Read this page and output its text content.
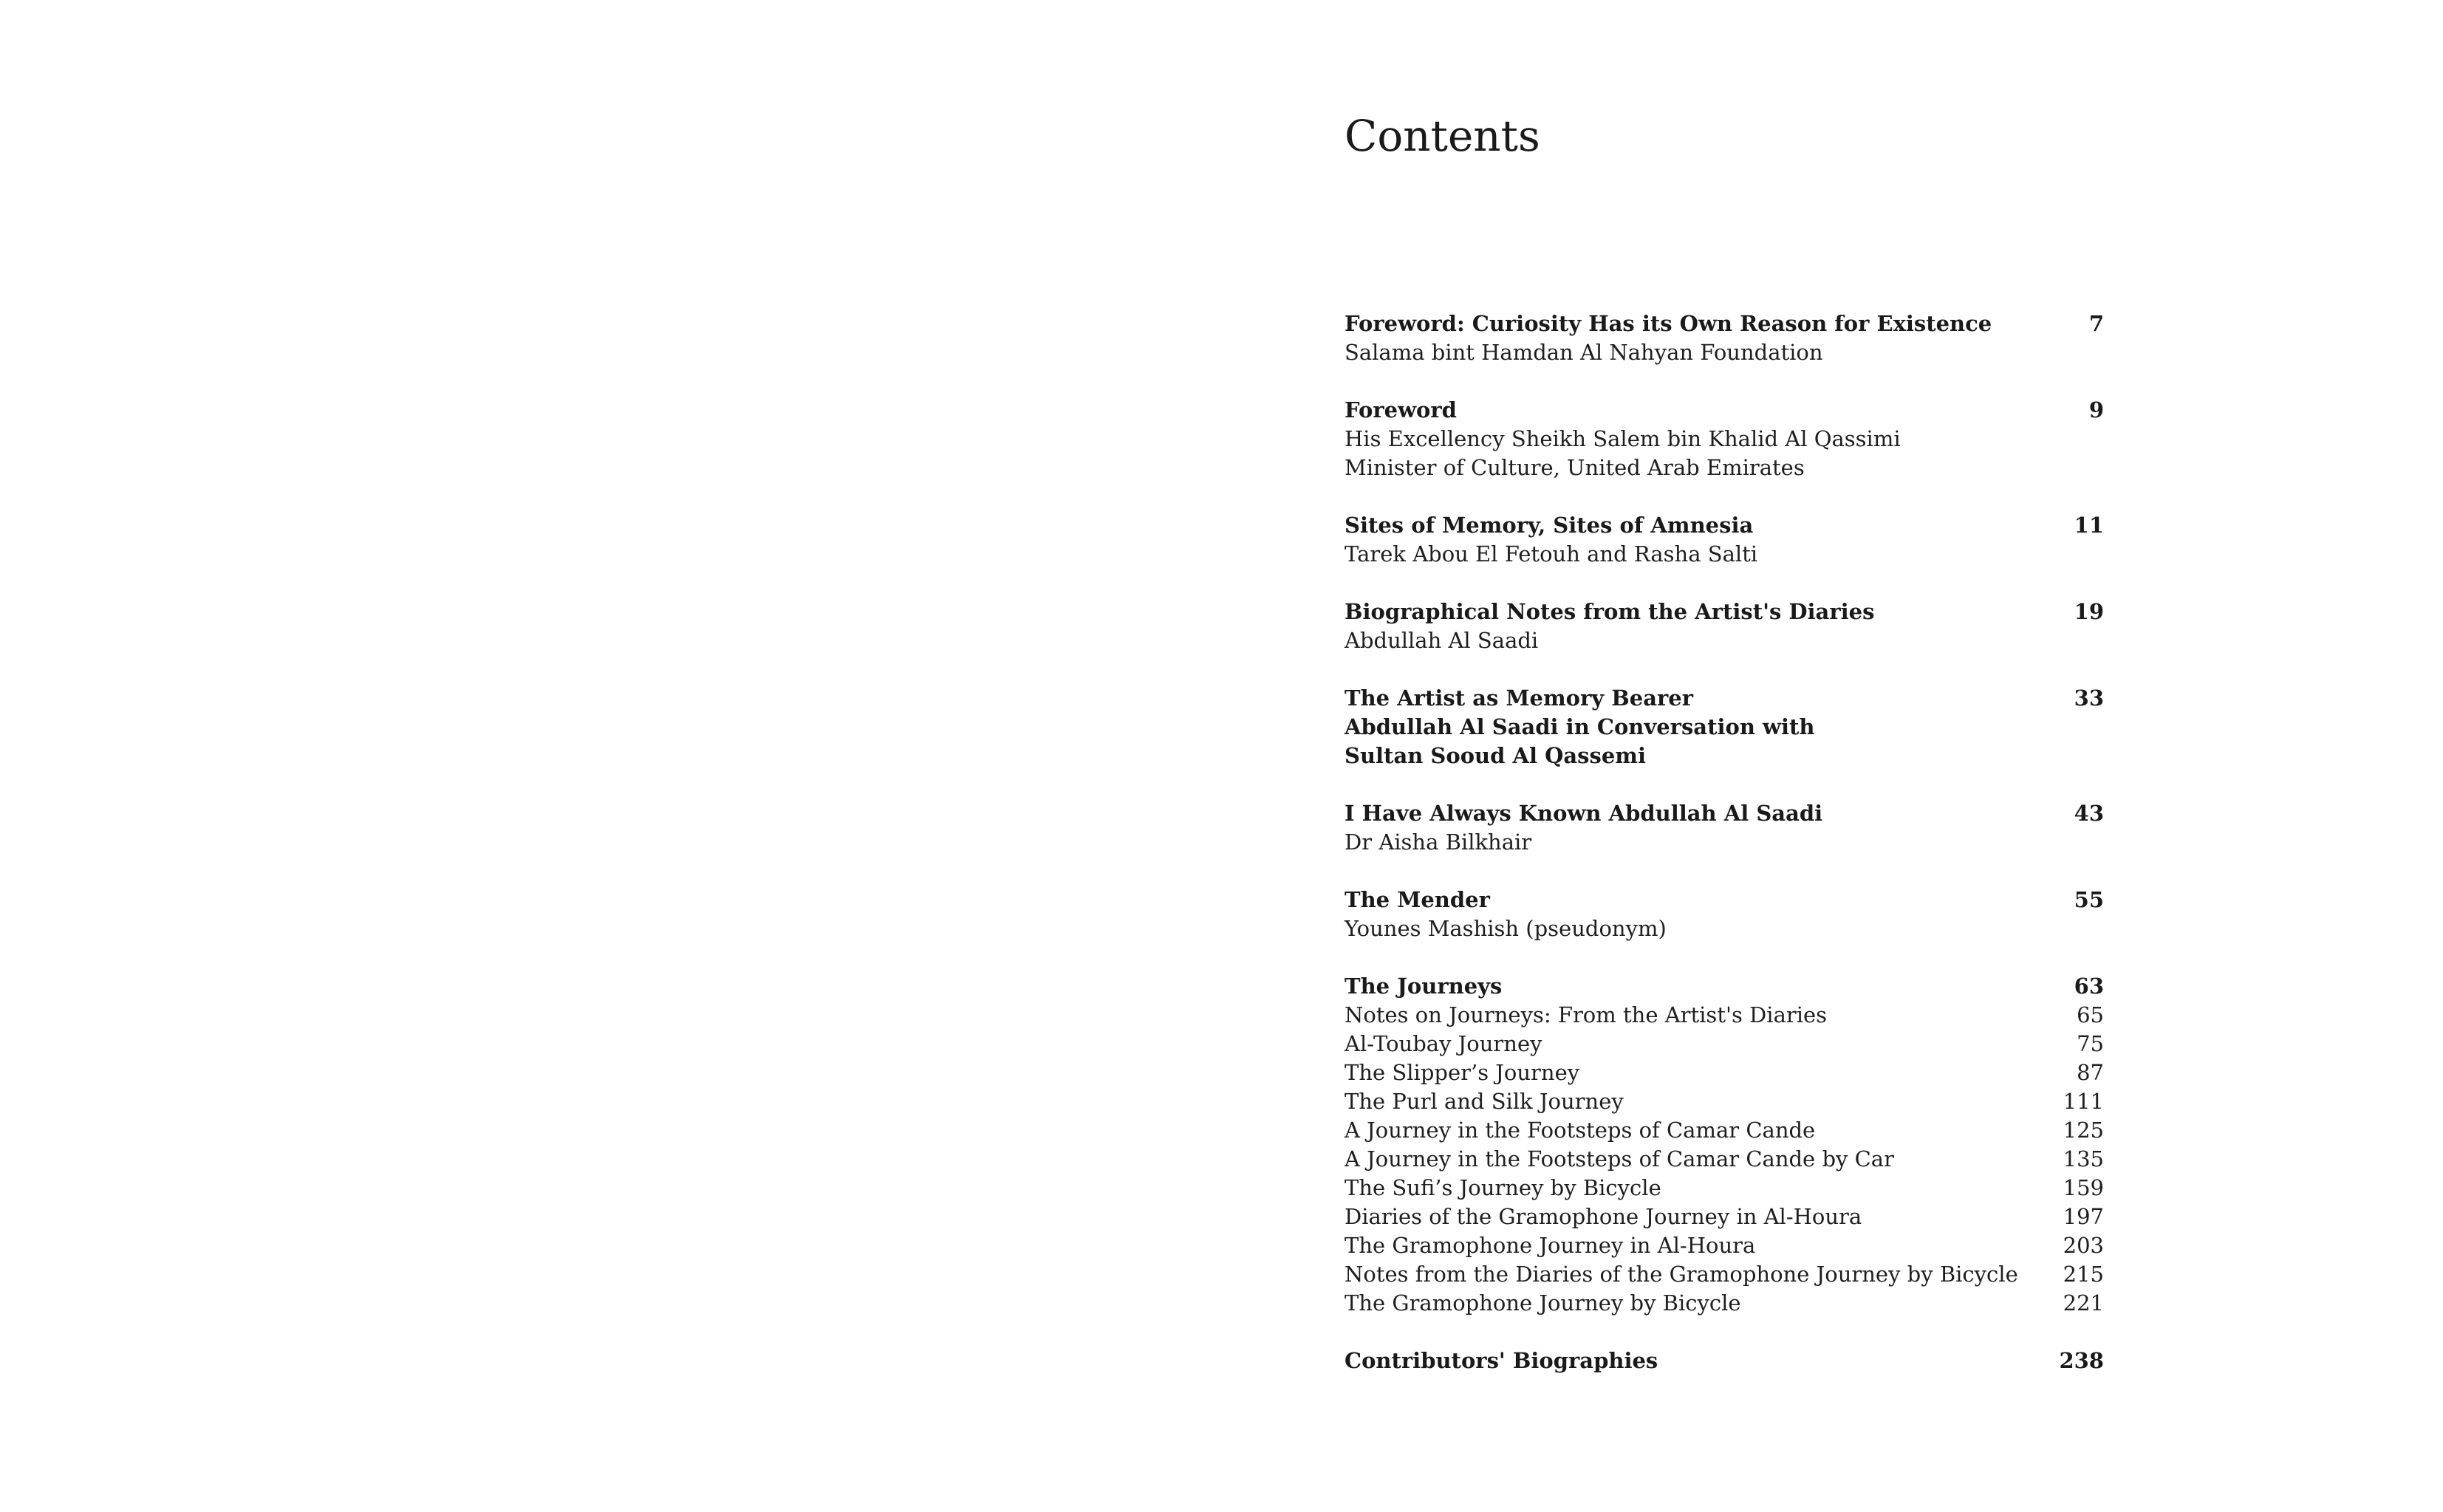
Contents
Foreword: Curiosity Has its Own Reason for Existence	7
Salama bint Hamdan Al Nahyan Foundation
Foreword	9
His Excellency Sheikh Salem bin Khalid Al Qassimi
Minister of Culture, United Arab Emirates
Sites of Memory, Sites of Amnesia	11
Tarek Abou El Fetouh and Rasha Salti
Biographical Notes from the Artist's Diaries	19
Abdullah Al Saadi
The Artist as Memory Bearer	33
Abdullah Al Saadi in Conversation with
Sultan Sooud Al Qassemi
I Have Always Known Abdullah Al Saadi	43
Dr Aisha Bilkhair
The Mender	55
Younes Mashish (pseudonym)
The Journeys	63
Notes on Journeys: From the Artist's Diaries	65
Al-Toubay Journey	75
The Slipper’s Journey	87
The Purl and Silk Journey	111
A Journey in the Footsteps of Camar Cande	125
A Journey in the Footsteps of Camar Cande by Car	135
The Sufi’s Journey by Bicycle	159
Diaries of the Gramophone Journey in Al-Houra	197
The Gramophone Journey in Al-Houra	203
Notes from the Diaries of the Gramophone Journey by Bicycle 215
The Gramophone Journey by Bicycle	221
Contributors' Biographies	238
